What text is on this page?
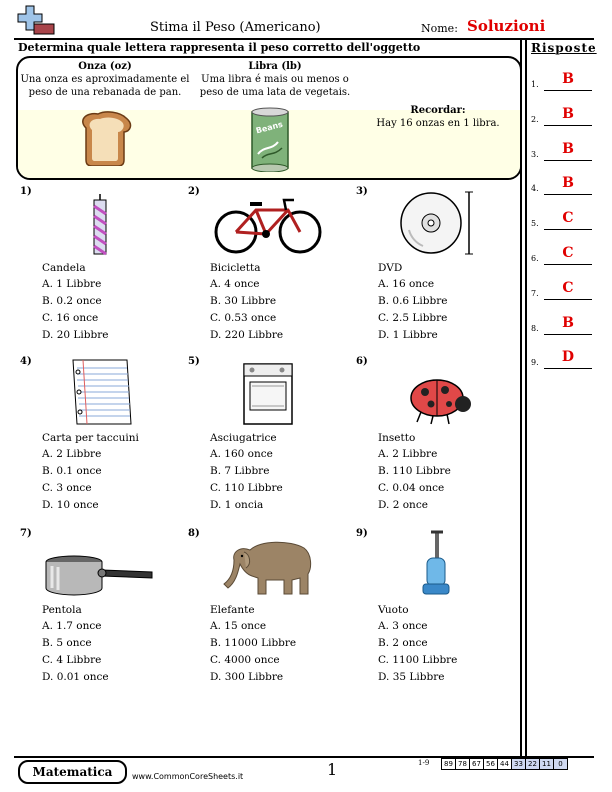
Stima il Peso (Americano)	Nome: Soluzioni
Determina quale lettera rappresenta il peso corretto dell'oggetto	Risposte
Onza (oz)
Una onza es aproximadamente el
peso de una rebanada de pan.
Libra (lb)
Uma libra é mais ou menos o
peso de uma lata de vegetais.
Recordar:
Hay 16 onzas en 1 libra.
Beans
1)
Candela
A. 1 Libbre
B. 0.2 once
C. 16 once
D. 20 Libbre
2)
Bicicletta
A. 4 once
B. 30 Libbre
C. 0.53 once
D. 220 Libbre
3)
DVD
A. 16 once
B. 0.6 Libbre
C. 2.5 Libbre
D. 1 Libbre
4)
Carta per taccuini
A. 2 Libbre
B. 0.1 once
C. 3 once
D. 10 once
5)
Asciugatrice
A. 160 once
B. 7 Libbre
C. 110 Libbre
D. 1 oncia
6)
Insetto
A. 2 Libbre
B. 110 Libbre
C. 0.04 once
D. 2 once
7)
Pentola
A. 1.7 once
B. 5 once
C. 4 Libbre
D. 0.01 once
8)
Elefante
A. 15 once
B. 11000 Libbre
C. 4000 once
D. 300 Libbre
9)
Vuoto
A. 3 once
B. 2 once
C. 1100 Libbre
D. 35 Libbre
1.	B
2.	B
3.	B
4.	B
5.	C
6.	C
7.	C
8.	B
9.	D
Matematica	www.CommonCoreSheets.it	1	1-9 89	78	67	56	44	33	22	11	0
